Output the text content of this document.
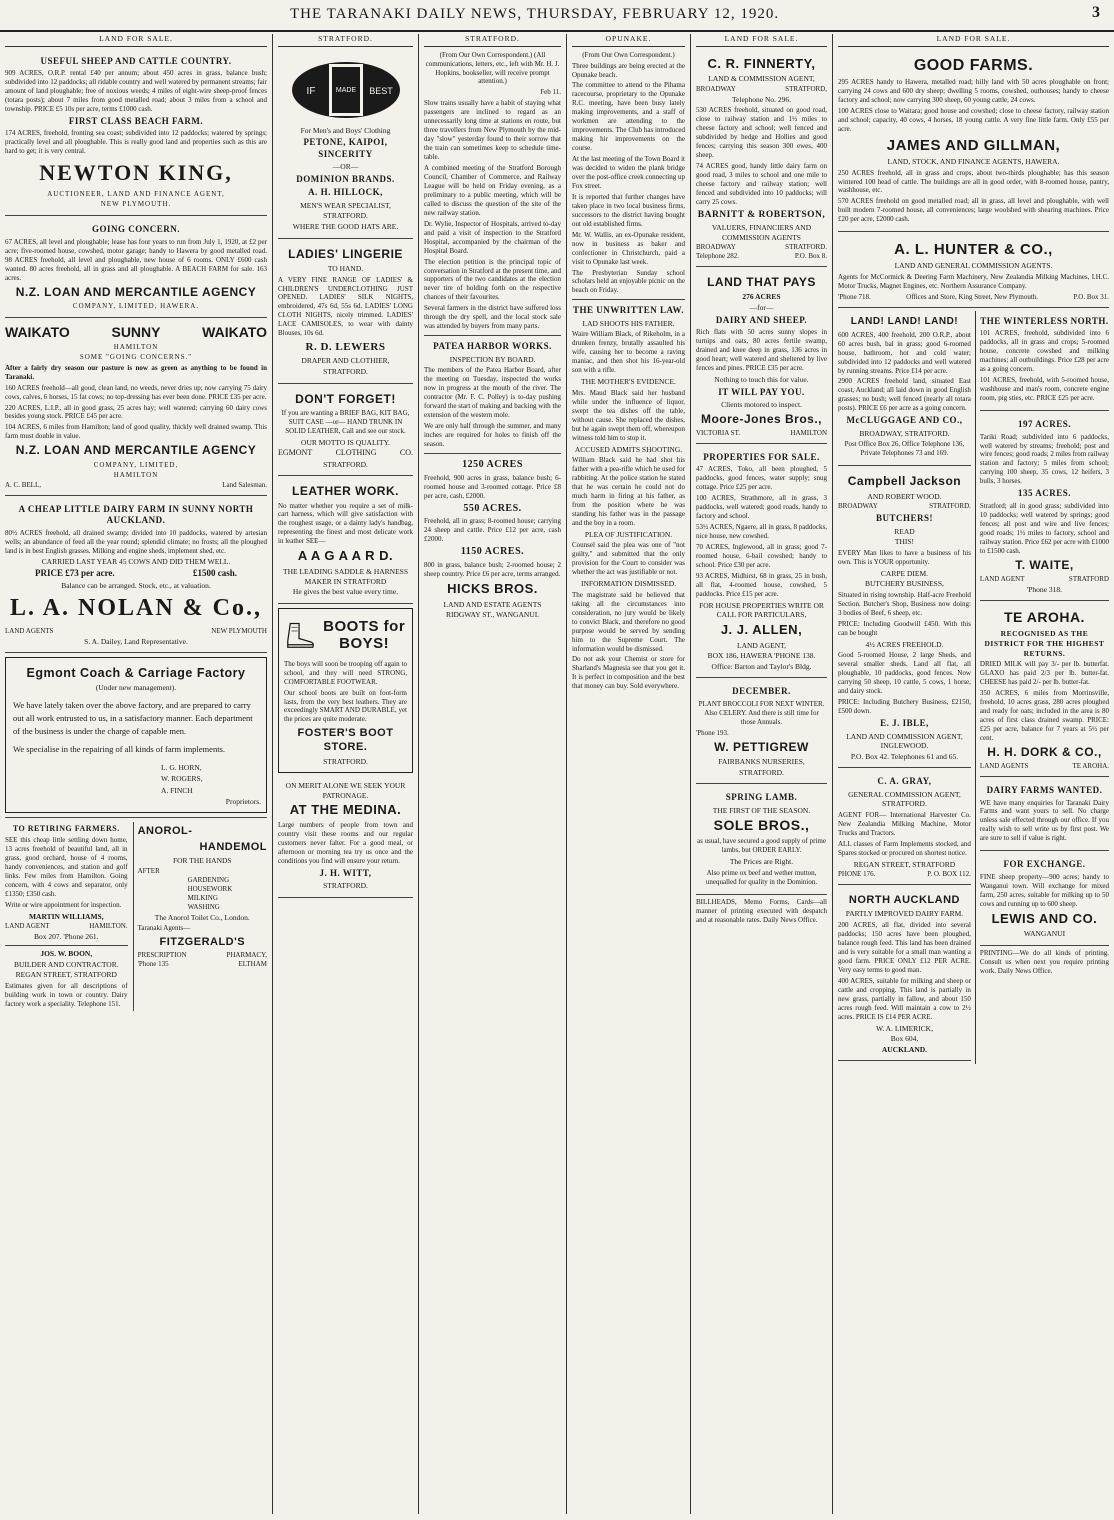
THE TARANAKI DAILY NEWS, THURSDAY, FEBRUARY 12, 1920.	3
LAND FOR SALE.
USEFUL SHEEP AND CATTLE COUNTRY.

909 ACRES, O.R.P. rental £40 per annum; about 450 acres in grass, balance bush; subdivided into 12 paddocks; all ridable country and well watered by permanent streams; fair amount of land ploughable; free of noxious weeds; 4 miles of eight-wire sheep-proof fences (totara posts); about 7 miles from good metalled road; about 3 miles from a school and township. PRICE £5 10s per acre, terms £1000 cash.

FIRST CLASS BEACH FARM.

174 ACRES, freehold, fronting sea coast; subdivided into 12 paddocks; watered by springs; practically level and all ploughable. This is really good land and properties such as this are hard to get; it is very central.

NEWTON KING,
AUCTIONEER, LAND AND FINANCE AGENT,
NEW PLYMOUTH.
GOING CONCERN.

67 ACRES, all level and ploughable; lease has four years to run from July 1, 1920, at £2 per acre; five-roomed house, cowshed, motor garage; handy to Hawera by good metalled road. 98 ACRES freehold, all level and ploughable, new house of 6 rooms. ONLY £600 cash wanted. 80 acres freehold, all in grass and all ploughable. A BEACH FARM for sale. 163 acres.

N.Z. LOAN AND MERCANTILE AGENCY
COMPANY, LIMITED, HAWERA.
WAIKATO	SUNNY	WAIKATO
HAMILTON
SOME "GOING CONCERNS."

After a fairly dry season our pasture is now as green as anything to be found in Taranaki.

160 ACRES freehold—all good, clean land, no weeds, never dries up; now carrying 75 dairy cows, calves, 6 horses, 15 fat cows; no top-dressing has ever been done. PRICE £35 per acre.

220 ACRES, L.I.P., all in good grass, 25 acres hay; well watered; carrying 60 dairy cows besides young stock. PRICE £45 per acre.

104 ACRES, 6 miles from Hamilton; land of good quality, thickly well drained swamp. This farm must double in value.

N.Z. LOAN AND MERCANTILE AGENCY
COMPANY, LIMITED,
HAMILTON
A. C. BELL,	Land Salesman.
A CHEAP LITTLE DAIRY FARM IN SUNNY NORTH AUCKLAND.

80½ ACRES freehold, all drained swamp; divided into 10 paddocks, watered by artesian wells; an abundance of feed all the year round; splendid climate; no frosts; all the ploughed land is in best English grasses. Milking and engine sheds, implement shed, etc.

CARRIED LAST YEAR 45 COWS AND DID THEM WELL.
PRICE £73 per acre.	£1500 cash.
Balance can be arranged. Stock, etc., at valuation.
L. A. NOLAN & Co.,
LAND AGENTS	NEW PLYMOUTH
S. A. Dailey, Land Representative.
Egmont Coach & Carriage Factory
(Under new management).

We have lately taken over the above factory, and are prepared to carry out all work entrusted to us, in a satisfactory manner. Each department of the business is under the charge of capable men.

We specialise in the repairing of all kinds of farm implements.

L. G. HORN,
W. ROGERS,
A. FINCH
Proprietors.
TO RETIRING FARMERS.

SEE this cheap little settling down home, 13 acres freehold of beautiful land, all in grass, good orchard, house of 4 rooms, handy conveniences, and station and golf links. Few miles from Hamilton. Going concern, with 4 cows and separator, only £1350; £350 cash.

Write or wire appointment for inspection.

MARTIN WILLIAMS,
LAND AGENT	HAMILTON.
Box 207. 'Phone 261.
JOS. W. BOON,
BUILDER AND CONTRACTOR.
REGAN STREET, STRATFORD

Estimates given for all descriptions of building work in town or country. Dairy factory work a speciality. Telephone 151.

ANOROL-
HANDEMOL
FOR THE HANDS
AFTER
GARDENING
HOUSEWORK
MILKING
WASHING
The Anorol Toilet Co., London.
Taranaki Agents—
FITZGERALD'S
PRESCRIPTION	PHARMACY,
'Phone 135	ELTHAM
STRATFORD.
IF	BEST
MADE
For Men's and Boys' Clothing
PETONE, KAIPOI, SINCERITY
—OR—
DOMINION BRANDS.
A. H. HILLOCK,
MEN'S WEAR SPECIALIST,
STRATFORD.
WHERE THE GOOD HATS ARE.
LADIES' LINGERIE
TO HAND.

A VERY FINE RANGE OF LADIES' & CHILDREN'S UNDERCLOTHING JUST OPENED. LADIES' SILK NIGHTS, embroidered, 47s 6d, 55s 6d. LADIES' LONG CLOTH NIGHTS, nicely trimmed. LADIES' LACE CAMISOLES, to wear with dainty Blouses, 10s 6d.

R. D. LEWERS
DRAPER AND CLOTHIER,
STRATFORD.
DON'T FORGET!

If you are wanting a BRIEF BAG, KIT BAG, SUIT CASE —or— HAND TRUNK IN SOLID LEATHER, Call and see our stock.

OUR MOTTO IS QUALITY.
EGMONT	CLOTHING	CO.
STRATFORD.
LEATHER WORK.

No matter whether you require a set of milk-cart harness, which will give satisfaction with the roughest usage, or a dainty lady's handbag, representing the finest and most delicate work in leather SEE—

A A G A A R D.
THE LEADING SADDLE & HARNESS MAKER IN STRATFORD
He gives the best value every time.
BOOTS for BOYS!

The boys will soon be trooping off again to school, and they will need STRONG, COMFORTABLE FOOTWEAR.

Our school boots are built on foot-form lasts, from the very best leathers. They are exceedingly SMART AND DURABLE, yet the prices are quite moderate.

FOSTER'S BOOT STORE.
STRATFORD.
ON MERIT ALONE WE SEEK YOUR PATRONAGE.
AT THE MEDINA.

Large numbers of people from town and country visit these rooms and our regular customers never falter. For a good meal, or afternoon or morning tea try us once and the conditions you find will ensure your return.

J. H. WITT,
STRATFORD.
STRATFORD.

(From Our Own Correspondent.) (All communications, letters, etc., left with Mr. H. J. Hopkins, bookseller, will receive prompt attention.)

Feb 11.

Slow trains usually have a habit of staying what passengers are inclined to regard as an unnecessarily long time at stations en route, but three travellers from New Plymouth by the mid-day "slow" yesterday found to their sorrow that the train can sometimes keep to schedule time-table.

A combined meeting of the Stratford Borough Council, Chamber of Commerce, and Railway League will be held on Friday evening, as a preliminary to a public meeting, which will be called to discuss the question of the site of the new railway station.

Dr. Wylie, Inspector of Hospitals, arrived to-day and paid a visit of inspection to the Stratford Hospital, accompanied by the chairman of the Hospital Board.

The election petition is the principal topic of conversation in Stratford at the present time, and supporters of the two candidates at the election never tire of holding forth on the respective chances of their favourites.

Several farmers in the district have suffered loss through the dry spell, and the local stock sale was attended by buyers from many parts.

PATEA HARBOR WORKS.
INSPECTION BY BOARD.

The members of the Patea Harbor Board, after the meeting on Tuesday, inspected the works now in progress at the mouth of the river. The contractor (Mr. F. C. Polley) is to-day pushing forward the start of making and backing with the extension of the western mole.

We are only half through the summer, and many inches are required for holes to finish off the season.

1250 ACRES

Freehold, 900 acres in grass, balance bush; 6-roomed house and 3-roomed cottage. Price £8 per acre, cash, £2000.

550 ACRES.

Freehold, all in grass; 8-roomed house; carrying 24 sheep and cattle. Price £12 per acre, cash £2000.

1150 ACRES.

800 in grass, balance bush; 2-roomed house; 2 sheep country. Price £6 per acre, terms arranged.

HICKS BROS.
LAND AND ESTATE AGENTS
RIDGWAY ST., WANGANUI.
OPUNAKE.

(From Our Own Correspondent.)

Three buildings are being erected at the Opunake beach.

The committee to attend to the Pihama racecourse, proprietary to the Opunake R.C. meeting, have been busy lately making improvements, and a staff of workmen are attending to the improvements. The Club has introduced making hir improvements on the course.

At the last meeting of the Town Board it was decided to widen the plank bridge over the post-office creek connecting up Fox street.

It is reported that further changes have taken place in two local business firms, successors to the district having bought out old established firms.

Mr. W. Wallis, an ex-Opunake resident, now in business as baker and confectioner in Christchurch, paid a visit to Opunake last week.

The Presbyterian Sunday school scholars held an enjoyable picnic on the beach on Friday.

THE UNWRITTEN LAW.
LAD SHOOTS HIS FATHER.

Waire William Black, of Rikeholm, in a drunken frenzy, brutally assaulted his wife, causing her to become a raving maniac, and then shot his 16-year-old son with a rifle.

THE MOTHER'S EVIDENCE.

Mrs. Maud Black said her husband while under the influence of liquor, swept the tea dishes off the table, without cause. She replaced the dishes, but he again swept them off, whereupon witness told him to stop it.

ACCUSED ADMITS SHOOTING.

William Black said he had shot his father with a pea-rifle which he used for rabbiting. At the police station he stated that he was certain he could not do much harm in firing at his father, as from the position where he was standing his father was in the passage and the boy in a room.

PLEA OF JUSTIFICATION.

Counsel said the plea was one of "not guilty," and submitted that the only provision for the Court to consider was whether the act was justifiable or not.

INFORMATION DISMISSED.

The magistrate said he believed that taking all the circumstances into consideration, no jury would be likely to convict Black, and therefore no good purpose would be served by sending him to the Supreme Court. The information would be dismissed.

Do not ask your Chemist or store for Sharland's Magnesia see that you get it. It is perfect in composition and the best that money can buy. Sold everywhere.

LAND FOR SALE.
C. R. FINNERTY,
LAND & COMMISSION AGENT,
BROADWAY	STRATFORD,
Telephone No. 296.

530 ACRES freehold, situated on good road, close to railway station and 1½ miles to cheese factory and school; well fenced and subdivided by hedge and Hollies and good fences; carrying this season 300 ewes, 400 sheep.

74 ACRES good, handy little dairy farm on good road, 3 miles to school and one mile to cheese factory and railway station; well fenced and subdivided into 10 paddocks; will carry 25 cows.

BARNITT & ROBERTSON,
VALUERS, FINANCIERS AND COMMISSION AGENTS
BROADWAY	STRATFORD.
Telephone 282.	P.O. Box 8.
LAND THAT PAYS
276 ACRES
—for—
DAIRY AND SHEEP.

Rich flats with 50 acres sunny slopes in turnips and oats, 80 acres fertile swamp, drained and knee deep in grass, 136 acres in good heart; well watered and sheltered by live fences and pines. PRICE £35 per acre.

Nothing to touch this for value.
IT WILL PAY YOU.
Clients motored to inspect.
Moore-Jones Bros.,
VICTORIA ST.	HAMILTON
PROPERTIES FOR SALE.

47 ACRES, Toko, all been ploughed, 5 paddocks, good fences, water supply; snug cottage. Price £25 per acre.

100 ACRES, Strathmore, all in grass, 3 paddocks, well watered; good roads, handy to factory and school.

53½ ACRES, Ngaere, all in grass, 8 paddocks, nice house, new cowshed.

70 ACRES, Inglewood, all in grass; good 7-roomed house, 6-bail cowshed; handy to school. Price £30 per acre.

93 ACRES, Midhirst, 68 in grass, 25 in bush, all flat, 4-roomed house, cowshed, 5 paddocks. Price £15 per acre.

FOR HOUSE PROPERTIES WRITE OR CALL FOR PARTICULARS,
J. J. ALLEN,
LAND AGENT,
BOX 186, HAWERA 'PHONE 138.
Office: Barton and Taylor's Bldg.
DECEMBER.

PLANT BROCCOLI FOR NEXT WINTER. Also CELERY. And there is still time for those Annuals.

'Phone 193.
W. PETTIGREW
FAIRBANKS NURSERIES,
STRATFORD.
SPRING LAMB.
THE FIRST OF THE SEASON.
SOLE BROS.,

as usual, have secured a good supply of prime lambs, but ORDER EARLY.

The Prices are Right.

Also prime ox beef and wether mutton, unequalled for quality in the Dominion.

BILLHEADS, Memo Forms, Cards—all manner of printing executed with despatch and at reasonable rates. Daily News Office.

LAND FOR SALE.
GOOD FARMS.

295 ACRES handy to Hawera, metalled road; hilly land with 50 acres ploughable on front; carrying 24 cows and 600 dry sheep; dwelling 5 rooms, cowshed, outhouses; handy to cheese factory and school; now carrying 300 sheep, 60 young cattle, 24 cows.

100 ACRES close to Waitara; good house and cowshed; close to cheese factory, railway station and school; capacity, 40 cows, 4 horses, 18 young cattle. A very fine little farm. Only £55 per acre.

JAMES AND GILLMAN,
LAND, STOCK, AND FINANCE AGENTS, HAWERA.

250 ACRES freehold, all in grass and crops, about two-thirds ploughable; has this season wintered 100 head of cattle. The buildings are all in good order, with 8-roomed house, pantry, washhouse, etc.

570 ACRES freehold on good metalled road; all in grass, all level and ploughable, with well built modern 7-roomed house, all conveniences; large woolshed with shearing machines. Price £20 per acre, £2000 cash.

A. L. HUNTER & CO.,
LAND AND GENERAL COMMISSION AGENTS.

Agents for McCormick & Deering Farm Machinery, New Zealandia Milking Machines, I.H.C. Motor Trucks, Magnet Engines, etc. Northern Assurance Company.

'Phone 718.	Offices and Store, King Street, New Plymouth.	P.O. Box 31.
LAND! LAND! LAND!

600 ACRES, 400 freehold, 200 O.R.P., about 60 acres bush, bal in grass; good 6-roomed house, bathroom, hot and cold water; subdivided into 12 paddocks and well watered by running streams. Price £14 per acre.

2900 ACRES freehold land, situated East coast, Auckland; all laid down in good English grasses; no bush; well fenced (nearly all totara posts). PRICE £6 per acre as a going concern.

McCLUGGAGE AND CO.,
BROADWAY, STRATFORD.

Post Office Box 26, Office Telephone 136, Private Telephones 73 and 169.

Campbell Jackson
AND ROBERT WOOD.
BROADWAY	STRATFORD.
BUTCHERS!
READ
THIS!

EVERY Man likes to have a business of his own. This is YOUR opportunity.

CARPE DIEM.
BUTCHERY BUSINESS,

Situated in rising township. Half-acre Freehold Section. Butcher's Shop, Business now doing: 3 bodies of Beef, 6 sheep, etc.

PRICE: Including Goodwill £450. With this can be bought

4½ ACRES FREEHOLD.

Good 5-roomed House, 2 large Sheds, and several smaller sheds. Land all flat, all ploughable, 10 paddocks, good fences. Now carrying 50 sheep, 10 cattle, 5 cows, 1 horse, and dairy stock.

PRICE: Including Butchery Business, £2150, £500 down.

E. J. IBLE,
LAND AND COMMISSION AGENT, INGLEWOOD.
P.O. Box 42. Telephones 61 and 65.
C. A. GRAY,
GENERAL COMMISSION AGENT, STRATFORD.

AGENT FOR— International Harvester Co. New Zealandia Milking Machine, Motor Trucks and Tractors.

ALL classes of Farm Implements stocked, and Spares stocked or procured on shortest notice.

REGAN STREET, STRATFORD
PHONE 176.	P. O. BOX 112.
NORTH AUCKLAND
PARTLY IMPROVED DAIRY FARM.

200 ACRES, all flat, divided into several paddocks; 150 acres have been ploughed, balance rough feed. This land has been drained and is very suitable for a small man wanting a good farm. PRICE ONLY £12 PER ACRE. Very easy terms to good man.

400 ACRES, suitable for milking and sheep or cattle and cropping. This land is partially in new grass, partially in fallow, and about 150 acres rough feed. Will maintain a cow to 2½ acres. PRICE IS £14 PER ACRE.

W. A. LIMERICK,
Box 604,
AUCKLAND.
THE WINTERLESS NORTH.

101 ACRES, freehold, subdivided into 6 paddocks, all in grass and crops; 5-roomed house, concrete cowshed and milking machines; all outbuildings. Price £28 per acre as a going concern.

101 ACRES, freehold, with 5-roomed house, washhouse and man's room, concrete engine room, pig sties, etc. PRICE £25 per acre.

197 ACRES.

Tariki Road; subdivided into 6 paddocks, well watered by streams; freehold; post and wire fences; good roads; 2 miles from railway station and factory; 5 miles from school; carrying 100 sheep, 35 cows, 12 heifers, 3 bulls, 3 horses.

135 ACRES.

Stratford; all in good grass; subdivided into 10 paddocks; well watered by springs; good fences; all post and wire and live fences; good roads; 1½ miles to factory, school and railway station. Price £62 per acre with £1000 to £1500 cash.

T. WAITE,
LAND AGENT	STRATFORD
'Phone 318.
TE AROHA.
RECOGNISED AS THE DISTRICT FOR THE HIGHEST RETURNS.

DRIED MILK will pay 3/- per lb. butterfat. GLAXO has paid 2/3 per lb. butter-fat. CHEESE has paid 2/- per lb. butter-fat.

350 ACRES, 6 miles from Morrinsville, freehold, 10 acres grass, 280 acres ploughed and ready for oats; included in the area is 80 acres of first class drained swamp. PRICE: £25 per acre, balance for 7 years at 5½ per cent.

H. H. DORK & CO.,
LAND AGENTS	TE AROHA.
DAIRY FARMS WANTED.

WE have many enquiries for Taranaki Dairy Farms and want yours to sell. No charge unless sale effected through our office. If you really wish to sell write us by first post. We are sure to sell if value is right.

FOR EXCHANGE.

FINE sheep property—900 acres; handy to Wanganui town. Will exchange for mixed farm, 250 acres, suitable for milking up to 50 cows and running up to 600 sheep.

LEWIS AND CO.
WANGANUI

PRINTING—We do all kinds of printing. Consult us when next you require printing work. Daily News Office.
